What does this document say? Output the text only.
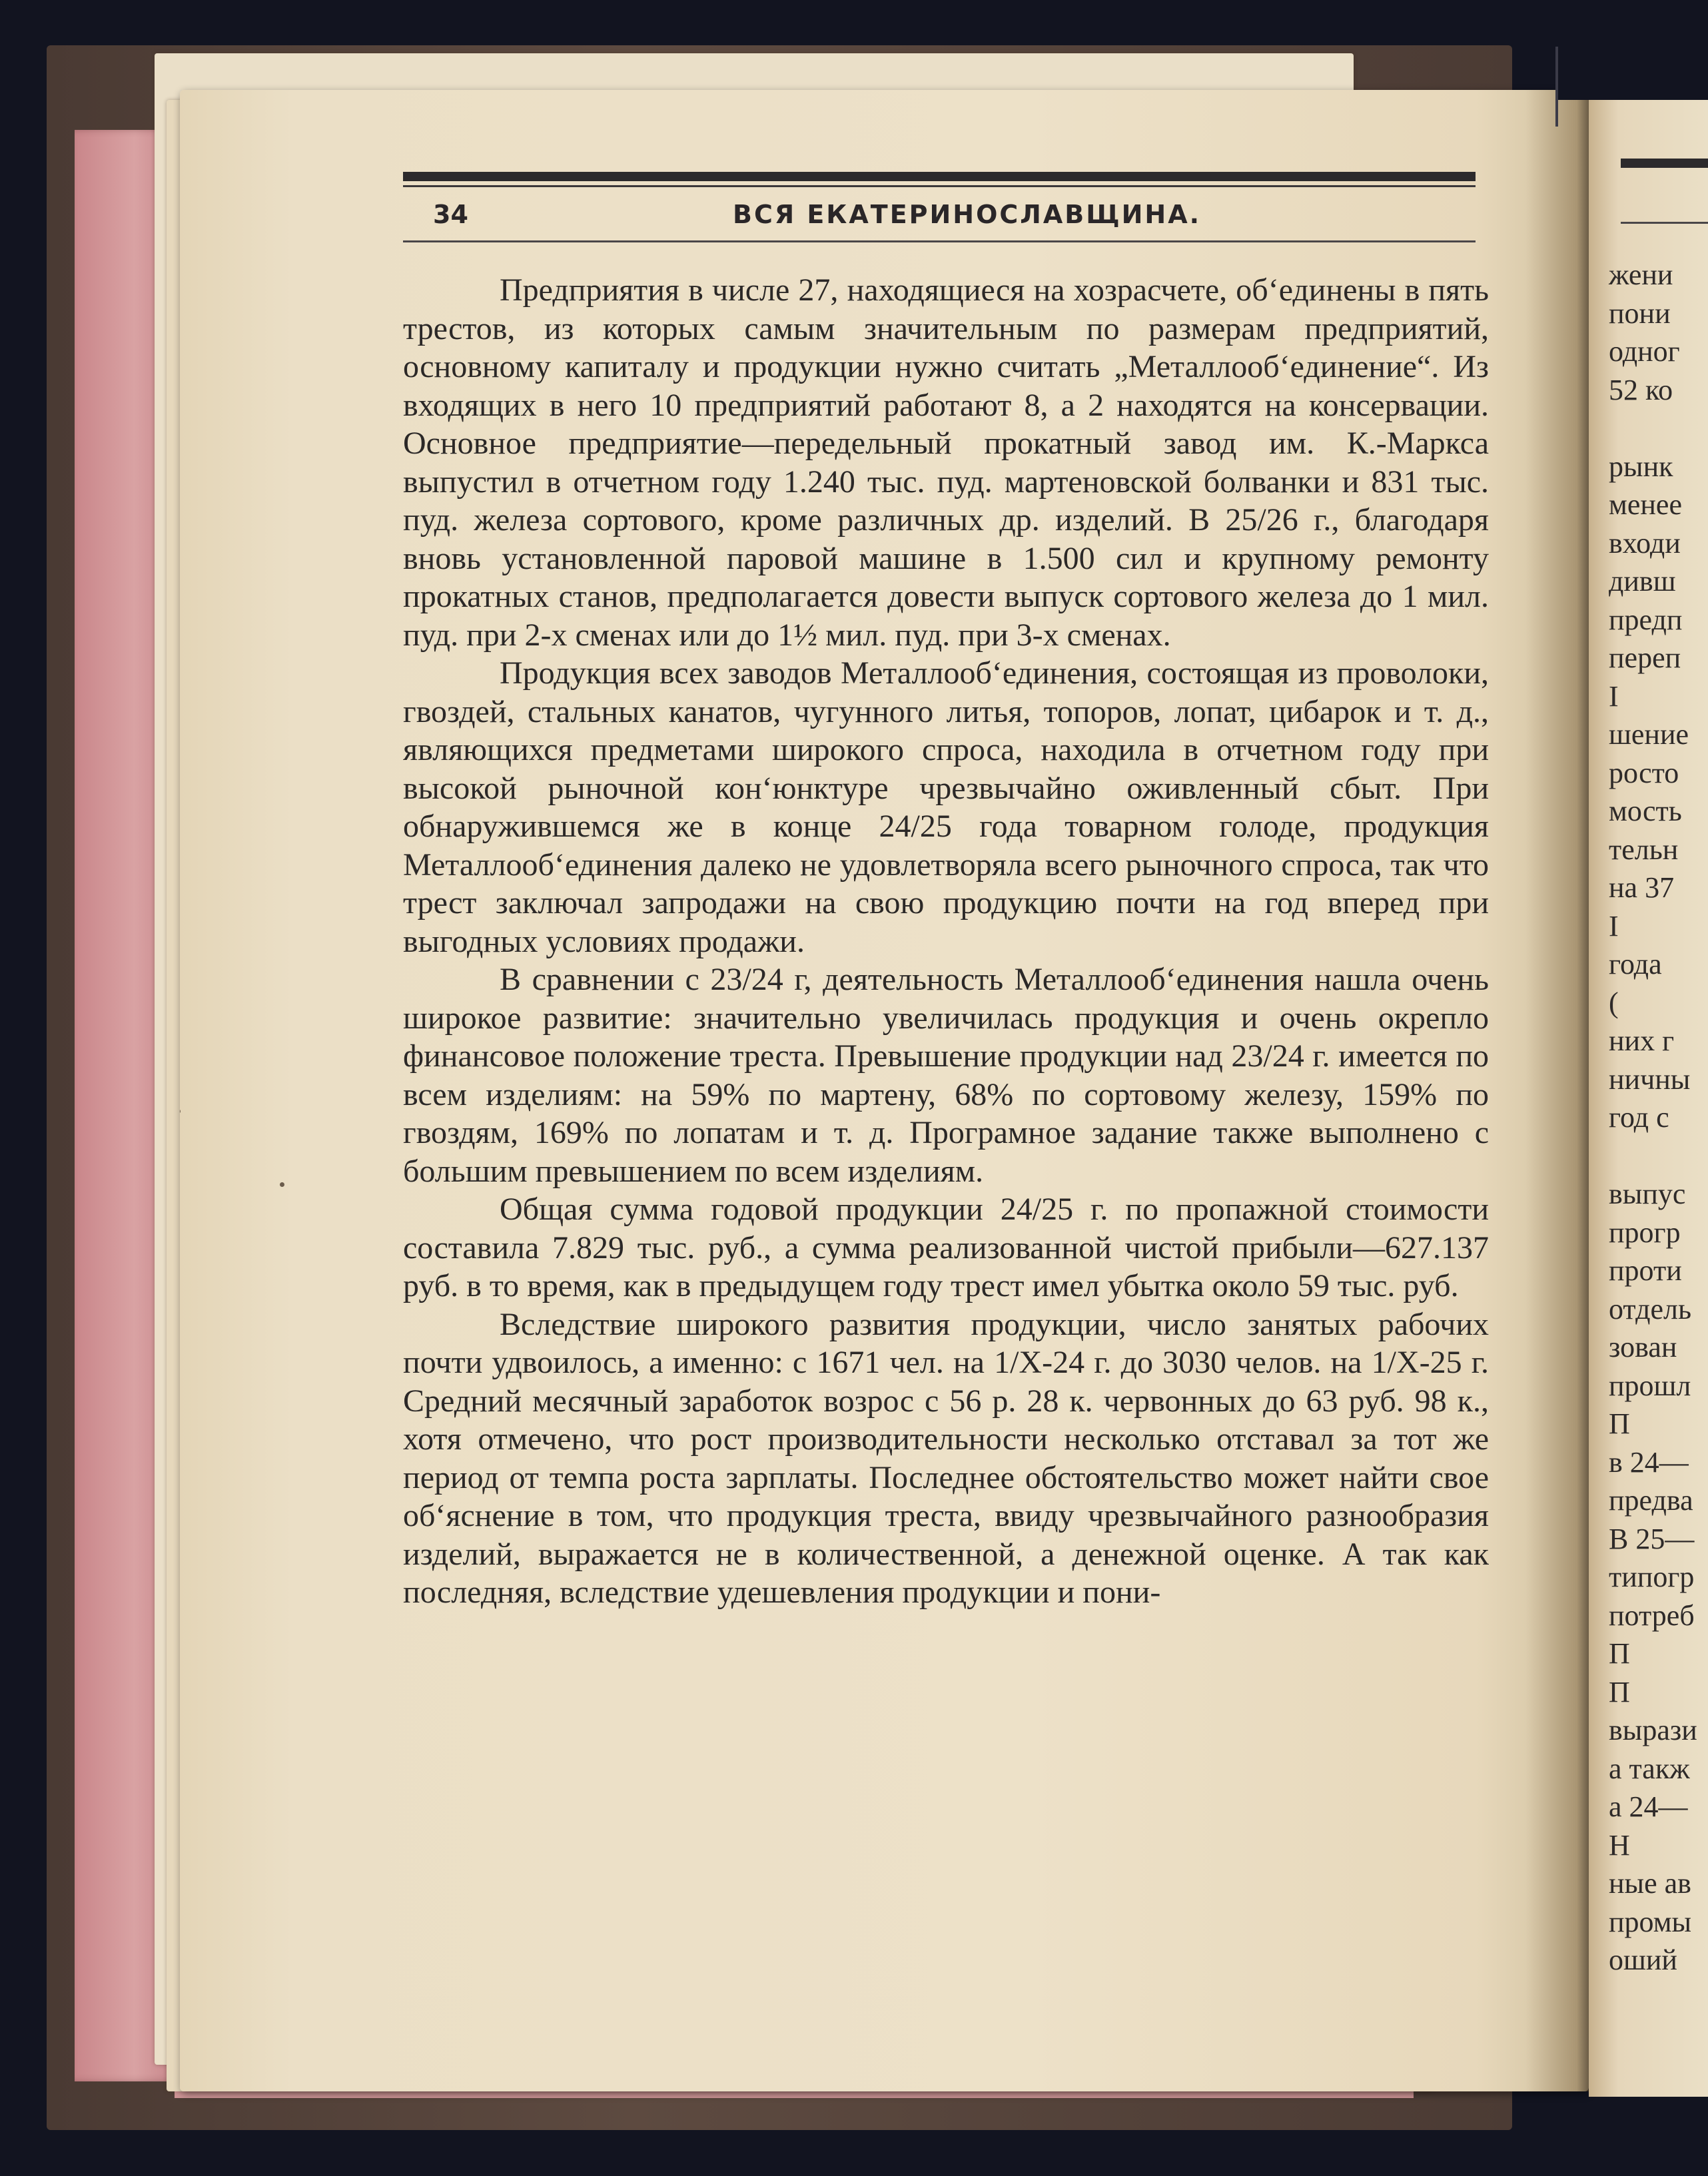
34	ВСЯ ЕКАТЕРИНОСЛАВЩИНА.

Предприятия в числе 27, находящиеся на хозрасчете, об‘единены в пять трестов, из которых самым значительным по размерам предприятий, основному капиталу и продукции нужно считать „Металлооб‘единение“. Из входящих в него 10 предприятий работают 8, а 2 находятся на консервации. Основное предприятие—передельный прокатный завод им. К.-Маркса выпустил в отчетном году 1.240 тыс. пуд. мартеновской болванки и 831 тыс. пуд. железа сортового, кроме различных др. изделий. В 25/26 г., благодаря вновь установленной паровой машине в 1.500 сил и крупному ремонту прокатных станов, предполагается довести выпуск сортового железа до 1 мил. пуд. при 2-х сменах или до 1½ мил. пуд. при 3-х сменах.

Продукция всех заводов Металлооб‘единения, состоящая из проволоки, гвоздей, стальных канатов, чугунного литья, топоров, лопат, цибарок и т. д., являющихся предметами широкого спроса, находила в отчетном году при высокой рыночной кон‘юнктуре чрезвычайно оживленный сбыт. При обнаружившемся же в конце 24/25 года товарном голоде, продукция Металлооб‘единения далеко не удовлетворяла всего рыночного спроса, так что трест заключал запродажи на свою продукцию почти на год вперед при выгодных условиях продажи.

В сравнении с 23/24 г, деятельность Металлооб‘единения нашла очень широкое развитие: значительно увеличилась продукция и очень окрепло финансовое положение треста. Превышение продукции над 23/24 г. имеется по всем изделиям: на 59% по мартену, 68% по сортовому железу, 159% по гвоздям, 169% по лопатам и т. д. Програмное задание также выполнено с большим превышением по всем изделиям.

Общая сумма годовой продукции 24/25 г. по пропажной стоимости составила 7.829 тыс. руб., а сумма реализованной чистой прибыли—627.137 руб. в то время, как в предыдущем году трест имел убытка около 59 тыс. руб.

Вследствие широкого развития продукции, число занятых рабочих почти удвоилось, а именно: с 1671 чел. на 1/X-24 г. до 3030 челов. на 1/X-25 г. Средний месячный заработок возрос с 56 р. 28 к. червонных до 63 руб. 98 к., хотя отмечено, что рост производительности несколько отставал за тот же период от темпа роста зарплаты. Последнее обстоятельство может найти свое об‘яснение в том, что продукция треста, ввиду чрезвычайного разнообразия изделий, выражается не в количественной, а денежной оценке. А так как последняя, вследствие удешевления продукции и пони-

жени
пони
одног
52 ко

рынк
менее
входи
дивш
предп
переп
I
шение
росто
мость
тельн
на 37
I
года
(
них г
ничны
год с

выпус
прогр
проти
отдель
зован
прошл
П
в 24—
предва
В 25—
типогр
потреб
П
П
вырази
а такж
а 24—
Н
ные ав
промы
оший
